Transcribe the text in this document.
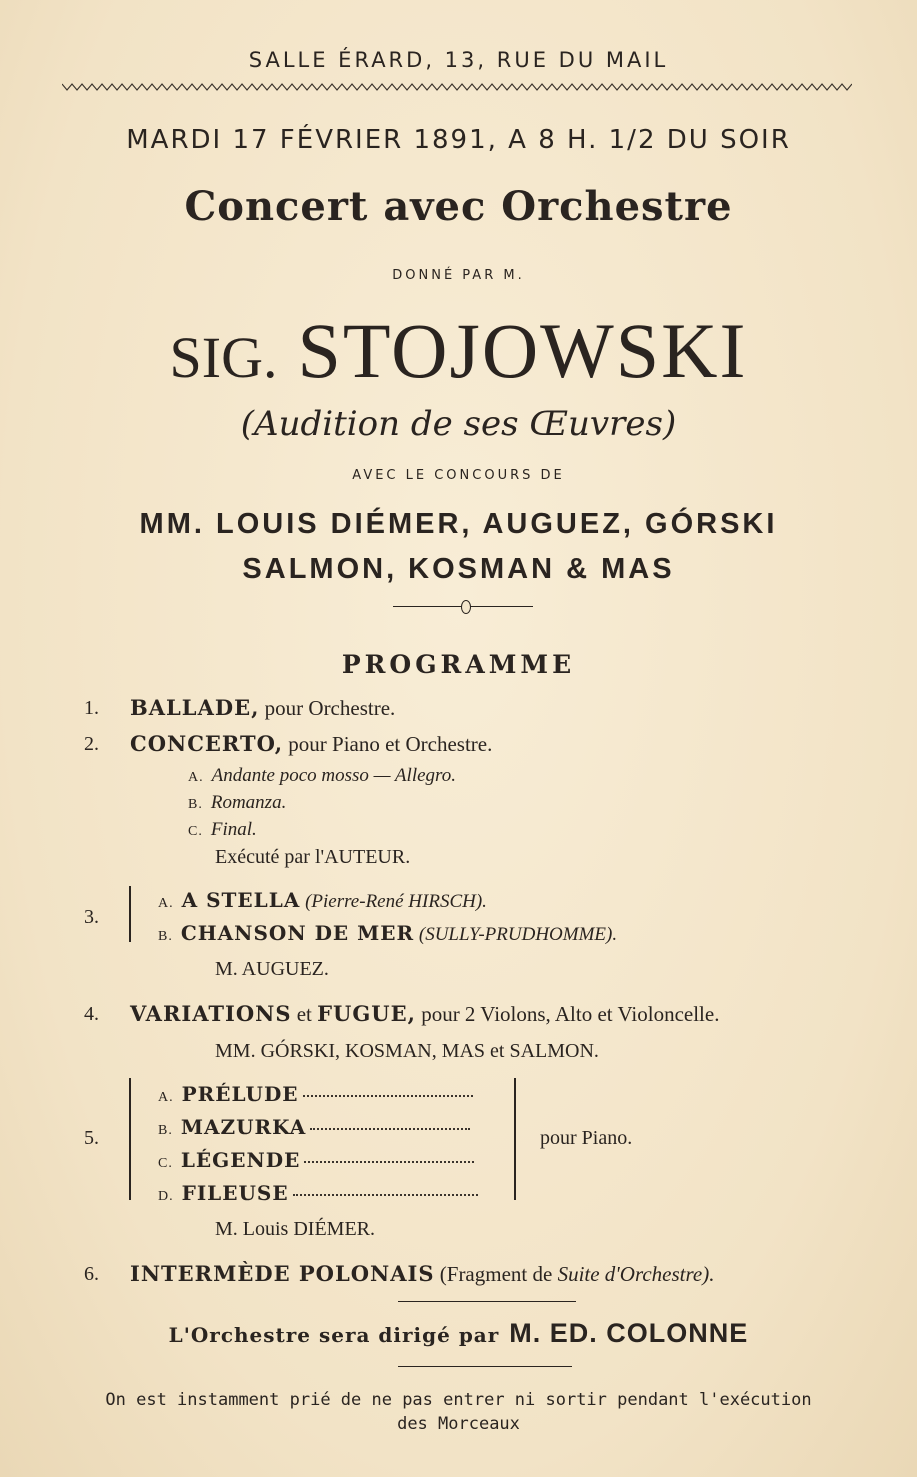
SALLE ÉRARD, 13, RUE DU MAIL
MARDI 17 FÉVRIER 1891, A 8 H. 1/2 DU SOIR
Concert avec Orchestre
DONNÉ PAR M.
SIG. STOJOWSKI
(Audition de ses Œuvres)
AVEC LE CONCOURS DE
MM. LOUIS DIÉMER, AUGUEZ, GÓRSKI
SALMON, KOSMAN & MAS
PROGRAMME
1. BALLADE, pour Orchestre.
2. CONCERTO, pour Piano et Orchestre.
A. Andante poco mosso — Allegro.
B. Romanza.
C. Final.
Exécuté par l'AUTEUR.
3.
A. A STELLA (Pierre-René HIRSCH).
B. CHANSON DE MER (SULLY-PRUDHOMME).
M. AUGUEZ.
4. VARIATIONS et FUGUE, pour 2 Violons, Alto et Violoncelle.
MM. GÓRSKI, KOSMAN, MAS et SALMON.
5.
A. PRÉLUDE
B. MAZURKA
C. LÉGENDE
D. FILEUSE
pour Piano.
M. Louis DIÉMER.
6. INTERMÈDE POLONAIS (Fragment de Suite d'Orchestre).
L'Orchestre sera dirigé par M. ED. COLONNE
On est instamment prié de ne pas entrer ni sortir pendant l'exécution
des Morceaux
